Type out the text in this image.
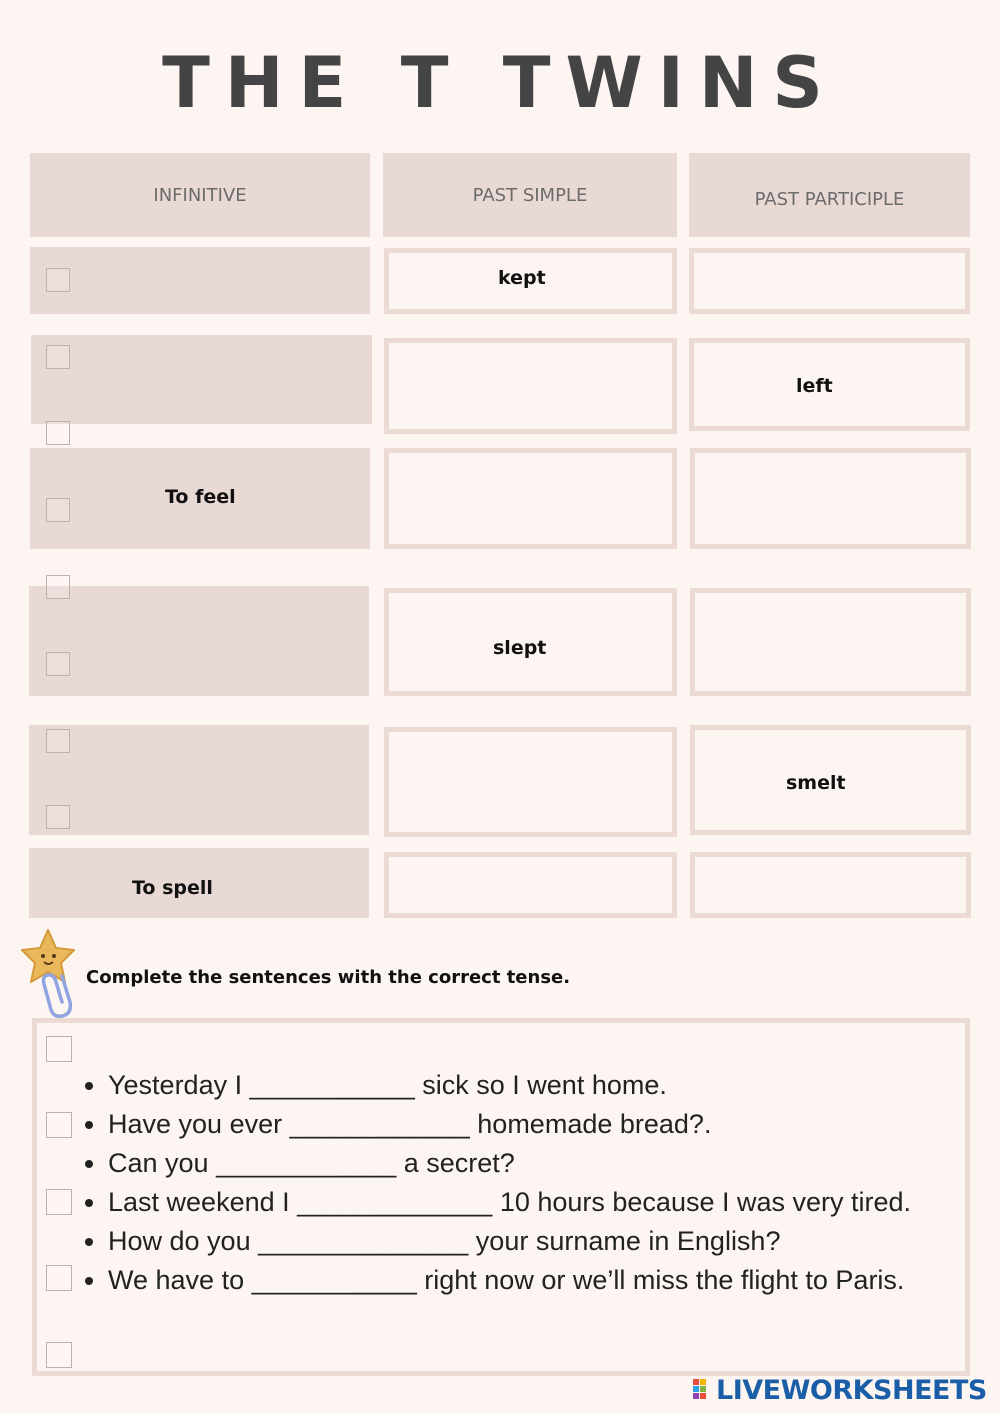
THE T TWINS
INFINITIVE	PAST SIMPLE	PAST PARTICIPLE
kept
left
To feel
slept
smelt
To spell
Complete the sentences with the correct tense.
• Yesterday I ___________ sick so I went home.
• Have you ever ____________ homemade bread?.
• Can you ____________ a secret?
• Last weekend I _____________ 10 hours because I was very tired.
• How do you ______________ your surname in English?
• We have to ___________ right now or we’ll miss the flight to Paris.
LIVEWORKSHEETS
